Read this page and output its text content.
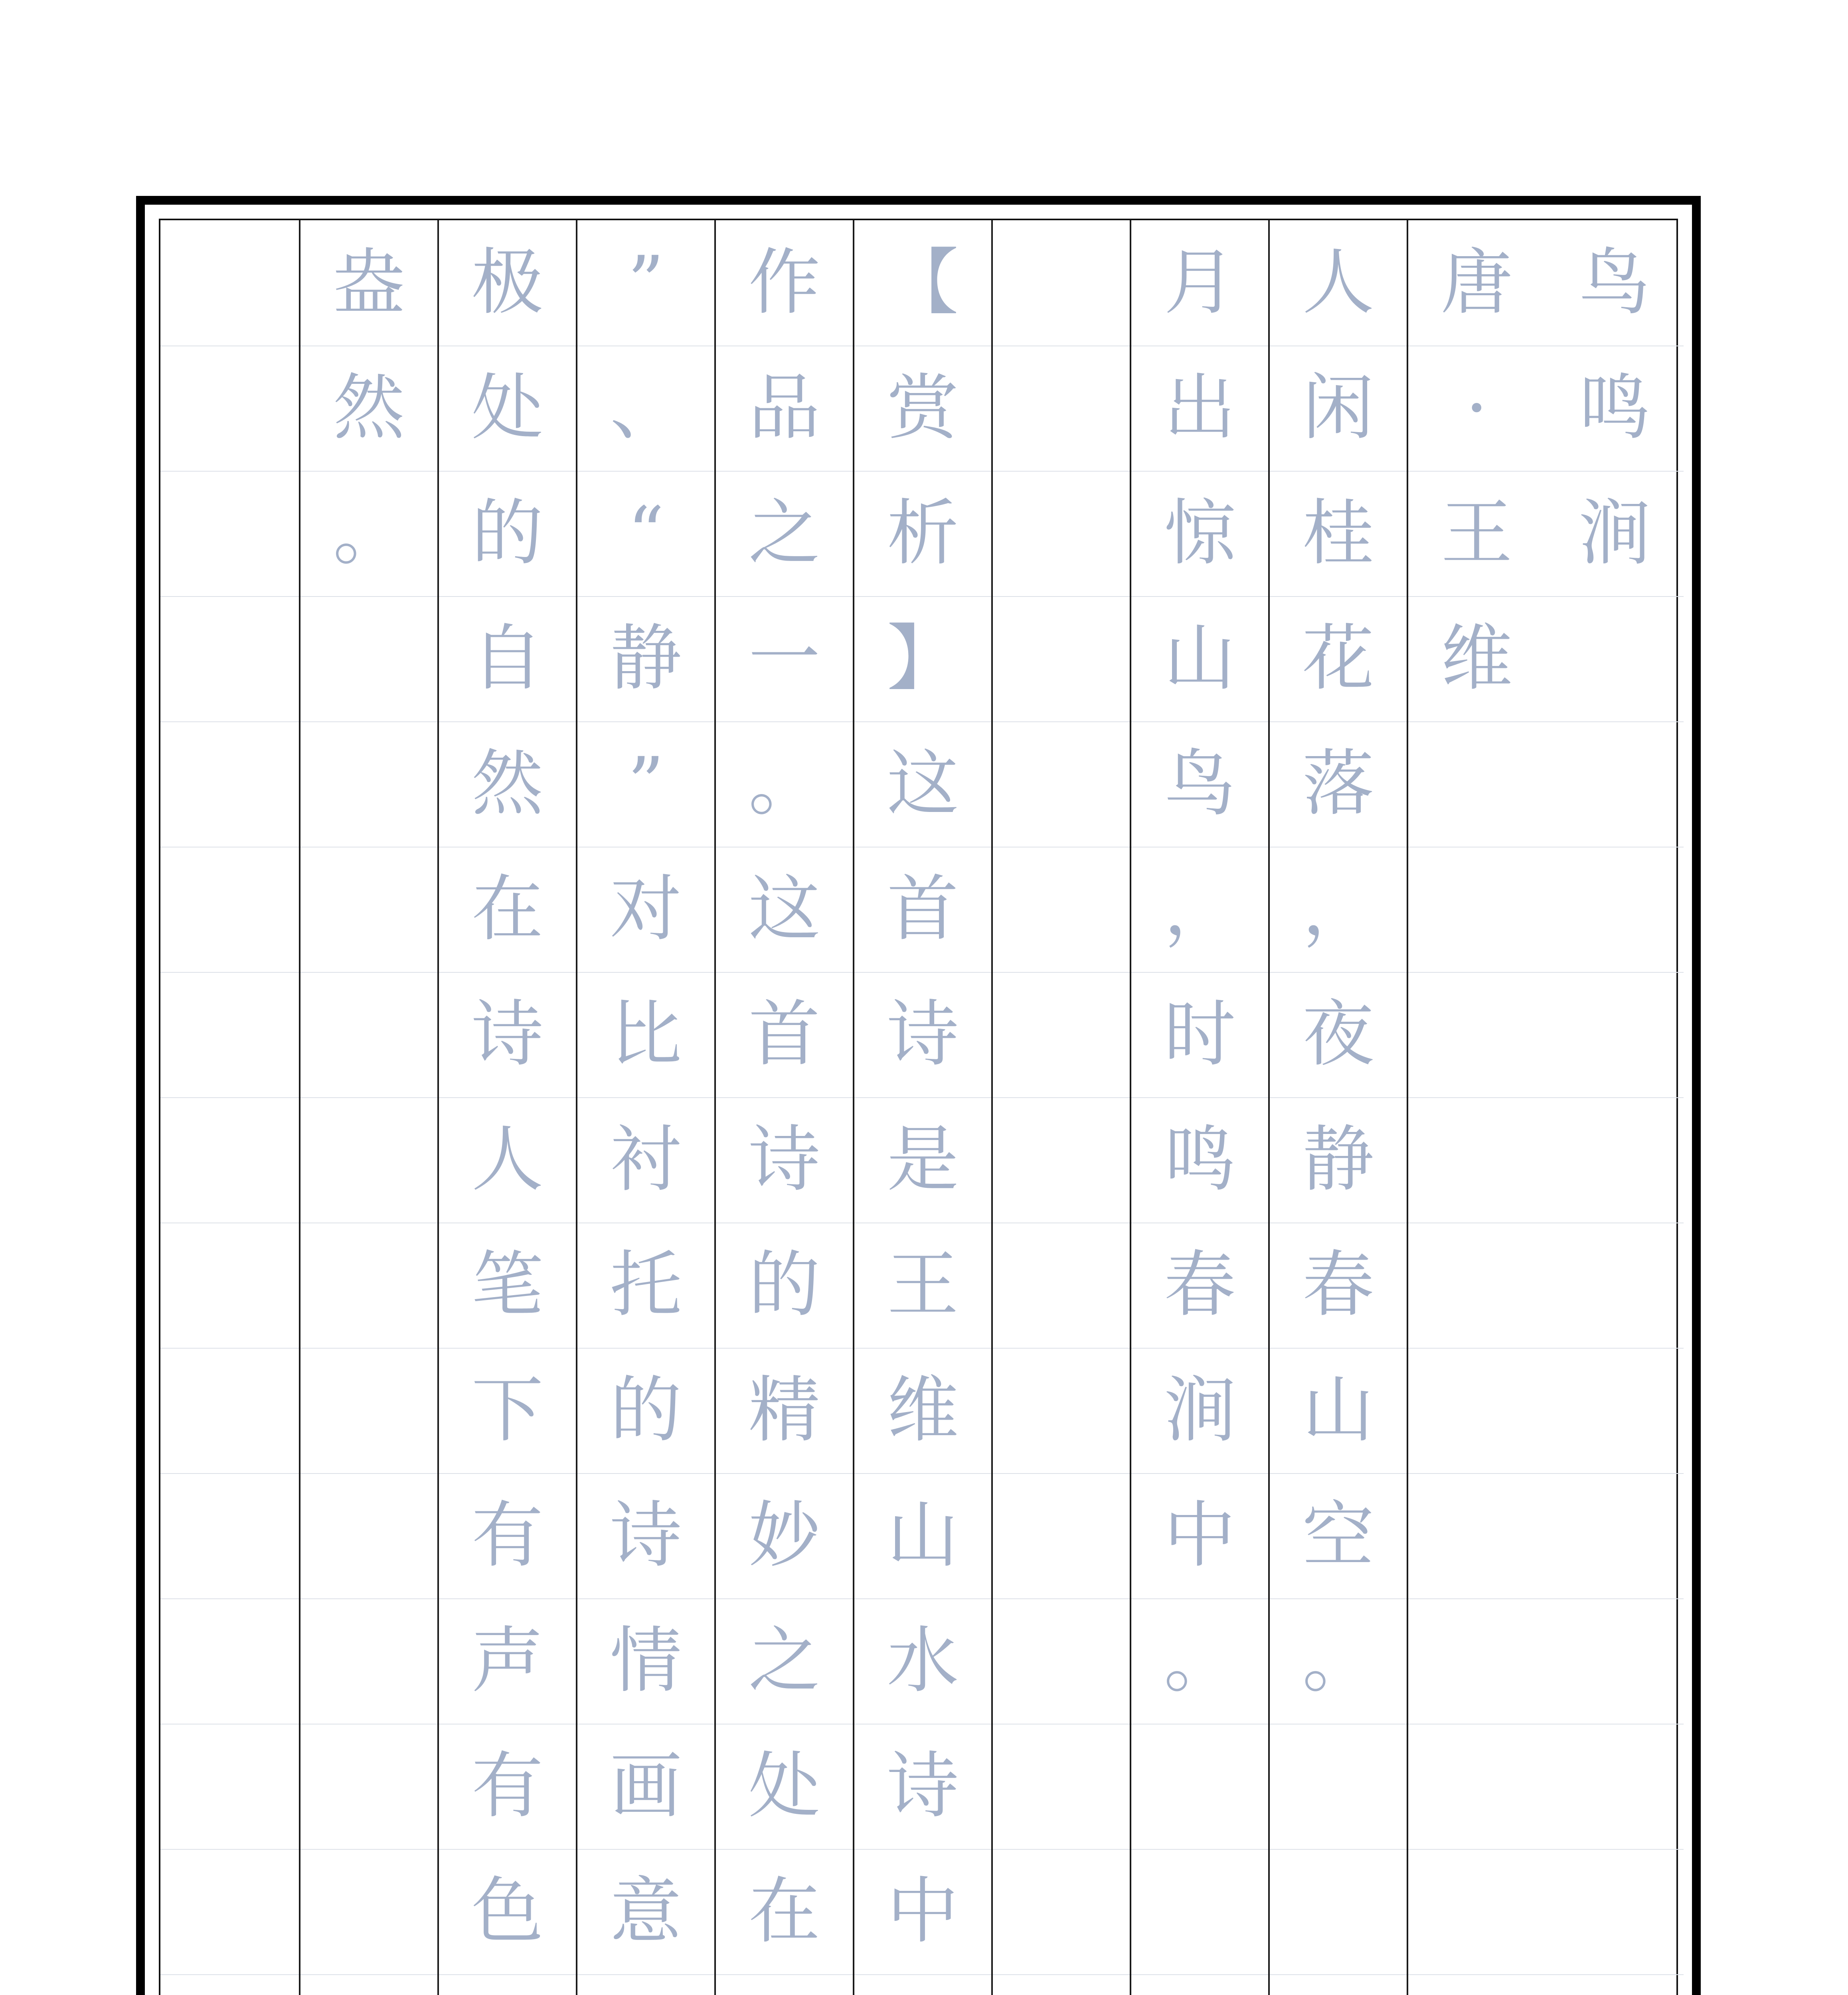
鸟
鸣
涧
唐
·
王
维
人
闲
桂
花
落
，
夜
静
春
山
空
。
月
出
惊
山
鸟
，
时
鸣
春
涧
中
。
【
赏
析
】
这
首
诗
是
王
维
山
水
诗
中
作
品
之
一
。
这
首
诗
的
精
妙
之
处
在
”
、
“
静
”
对
比
衬
托
的
诗
情
画
意
极
处
的
自
然
在
诗
人
笔
下
有
声
有
色
盎
然
。
